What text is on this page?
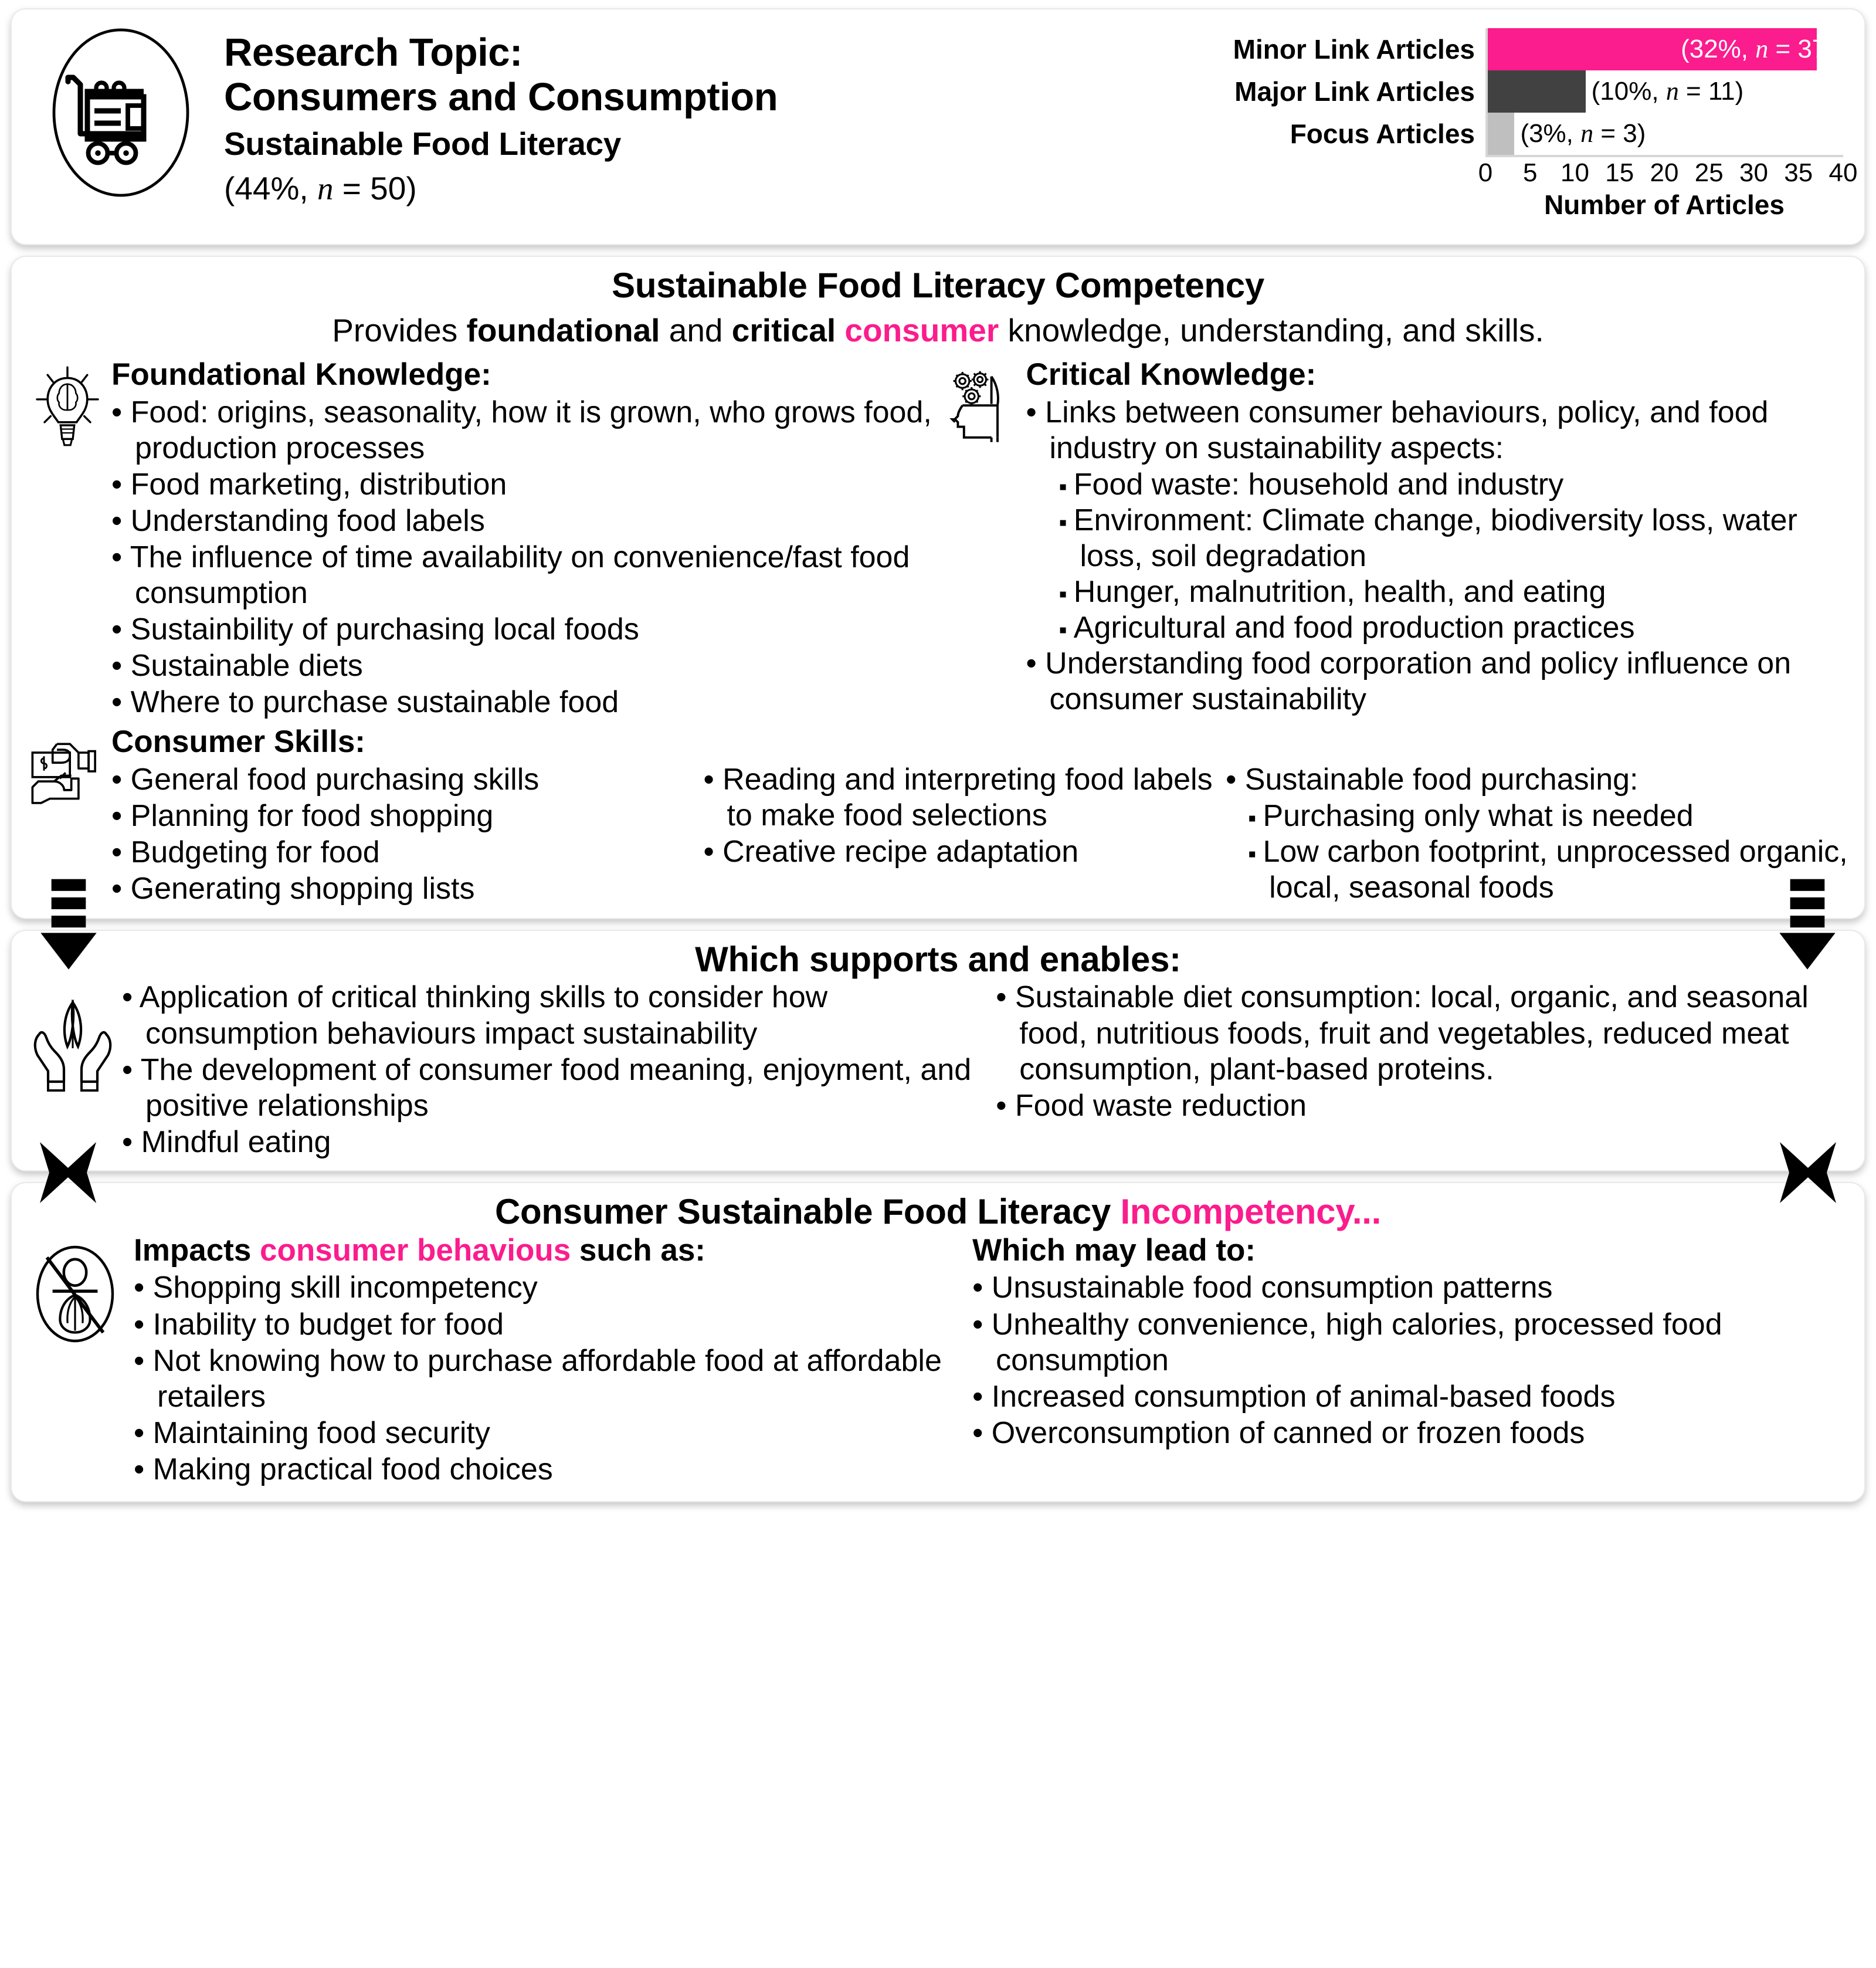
Research Topic:
Consumers and Consumption
Sustainable Food Literacy
(44%, n = 50)
Minor Link Articles	(32%, n = 37)
Major Link Articles	(10%, n = 11)
Focus Articles	(3%, n = 3)
0 5 10 15 20 25 30 35 40
Number of Articles
Sustainable Food Literacy Competency
Provides foundational and critical consumer knowledge, understanding, and skills.
Foundational Knowledge:
• Food: origins, seasonality, how it is grown, who grows food, production processes
• Food marketing, distribution
• Understanding food labels
• The influence of time availability on convenience/fast food consumption
• Sustainbility of purchasing local foods
• Sustainable diets
• Where to purchase sustainable food
Critical Knowledge:
• Links between consumer behaviours, policy, and food industry on sustainability aspects:
▪ Food waste: household and industry
▪ Environment: Climate change, biodiversity loss, water loss, soil degradation
▪ Hunger, malnutrition, health, and eating
▪ Agricultural and food production practices
• Understanding food corporation and policy influence on consumer sustainability
Consumer Skills:
• General food purchasing skills
• Planning for food shopping
• Budgeting for food
• Generating shopping lists
• Reading and interpreting food labels to make food selections
• Creative recipe adaptation
• Sustainable food purchasing:
▪ Purchasing only what is needed
▪ Low carbon footprint, unprocessed organic, local, seasonal foods
Which supports and enables:
• Application of critical thinking skills to consider how consumption behaviours impact sustainability
• The development of consumer food meaning, enjoyment, and positive relationships
• Mindful eating
• Sustainable diet consumption: local, organic, and seasonal food, nutritious foods, fruit and vegetables, reduced meat consumption, plant-based proteins.
• Food waste reduction
Consumer Sustainable Food Literacy Incompetency...
Impacts consumer behavious such as:
• Shopping skill incompetency
• Inability to budget for food
• Not knowing how to purchase affordable food at affordable retailers
• Maintaining food security
• Making practical food choices
Which may lead to:
• Unsustainable food consumption patterns
• Unhealthy convenience, high calories, processed food consumption
• Increased consumption of animal-based foods
• Overconsumption of canned or frozen foods
